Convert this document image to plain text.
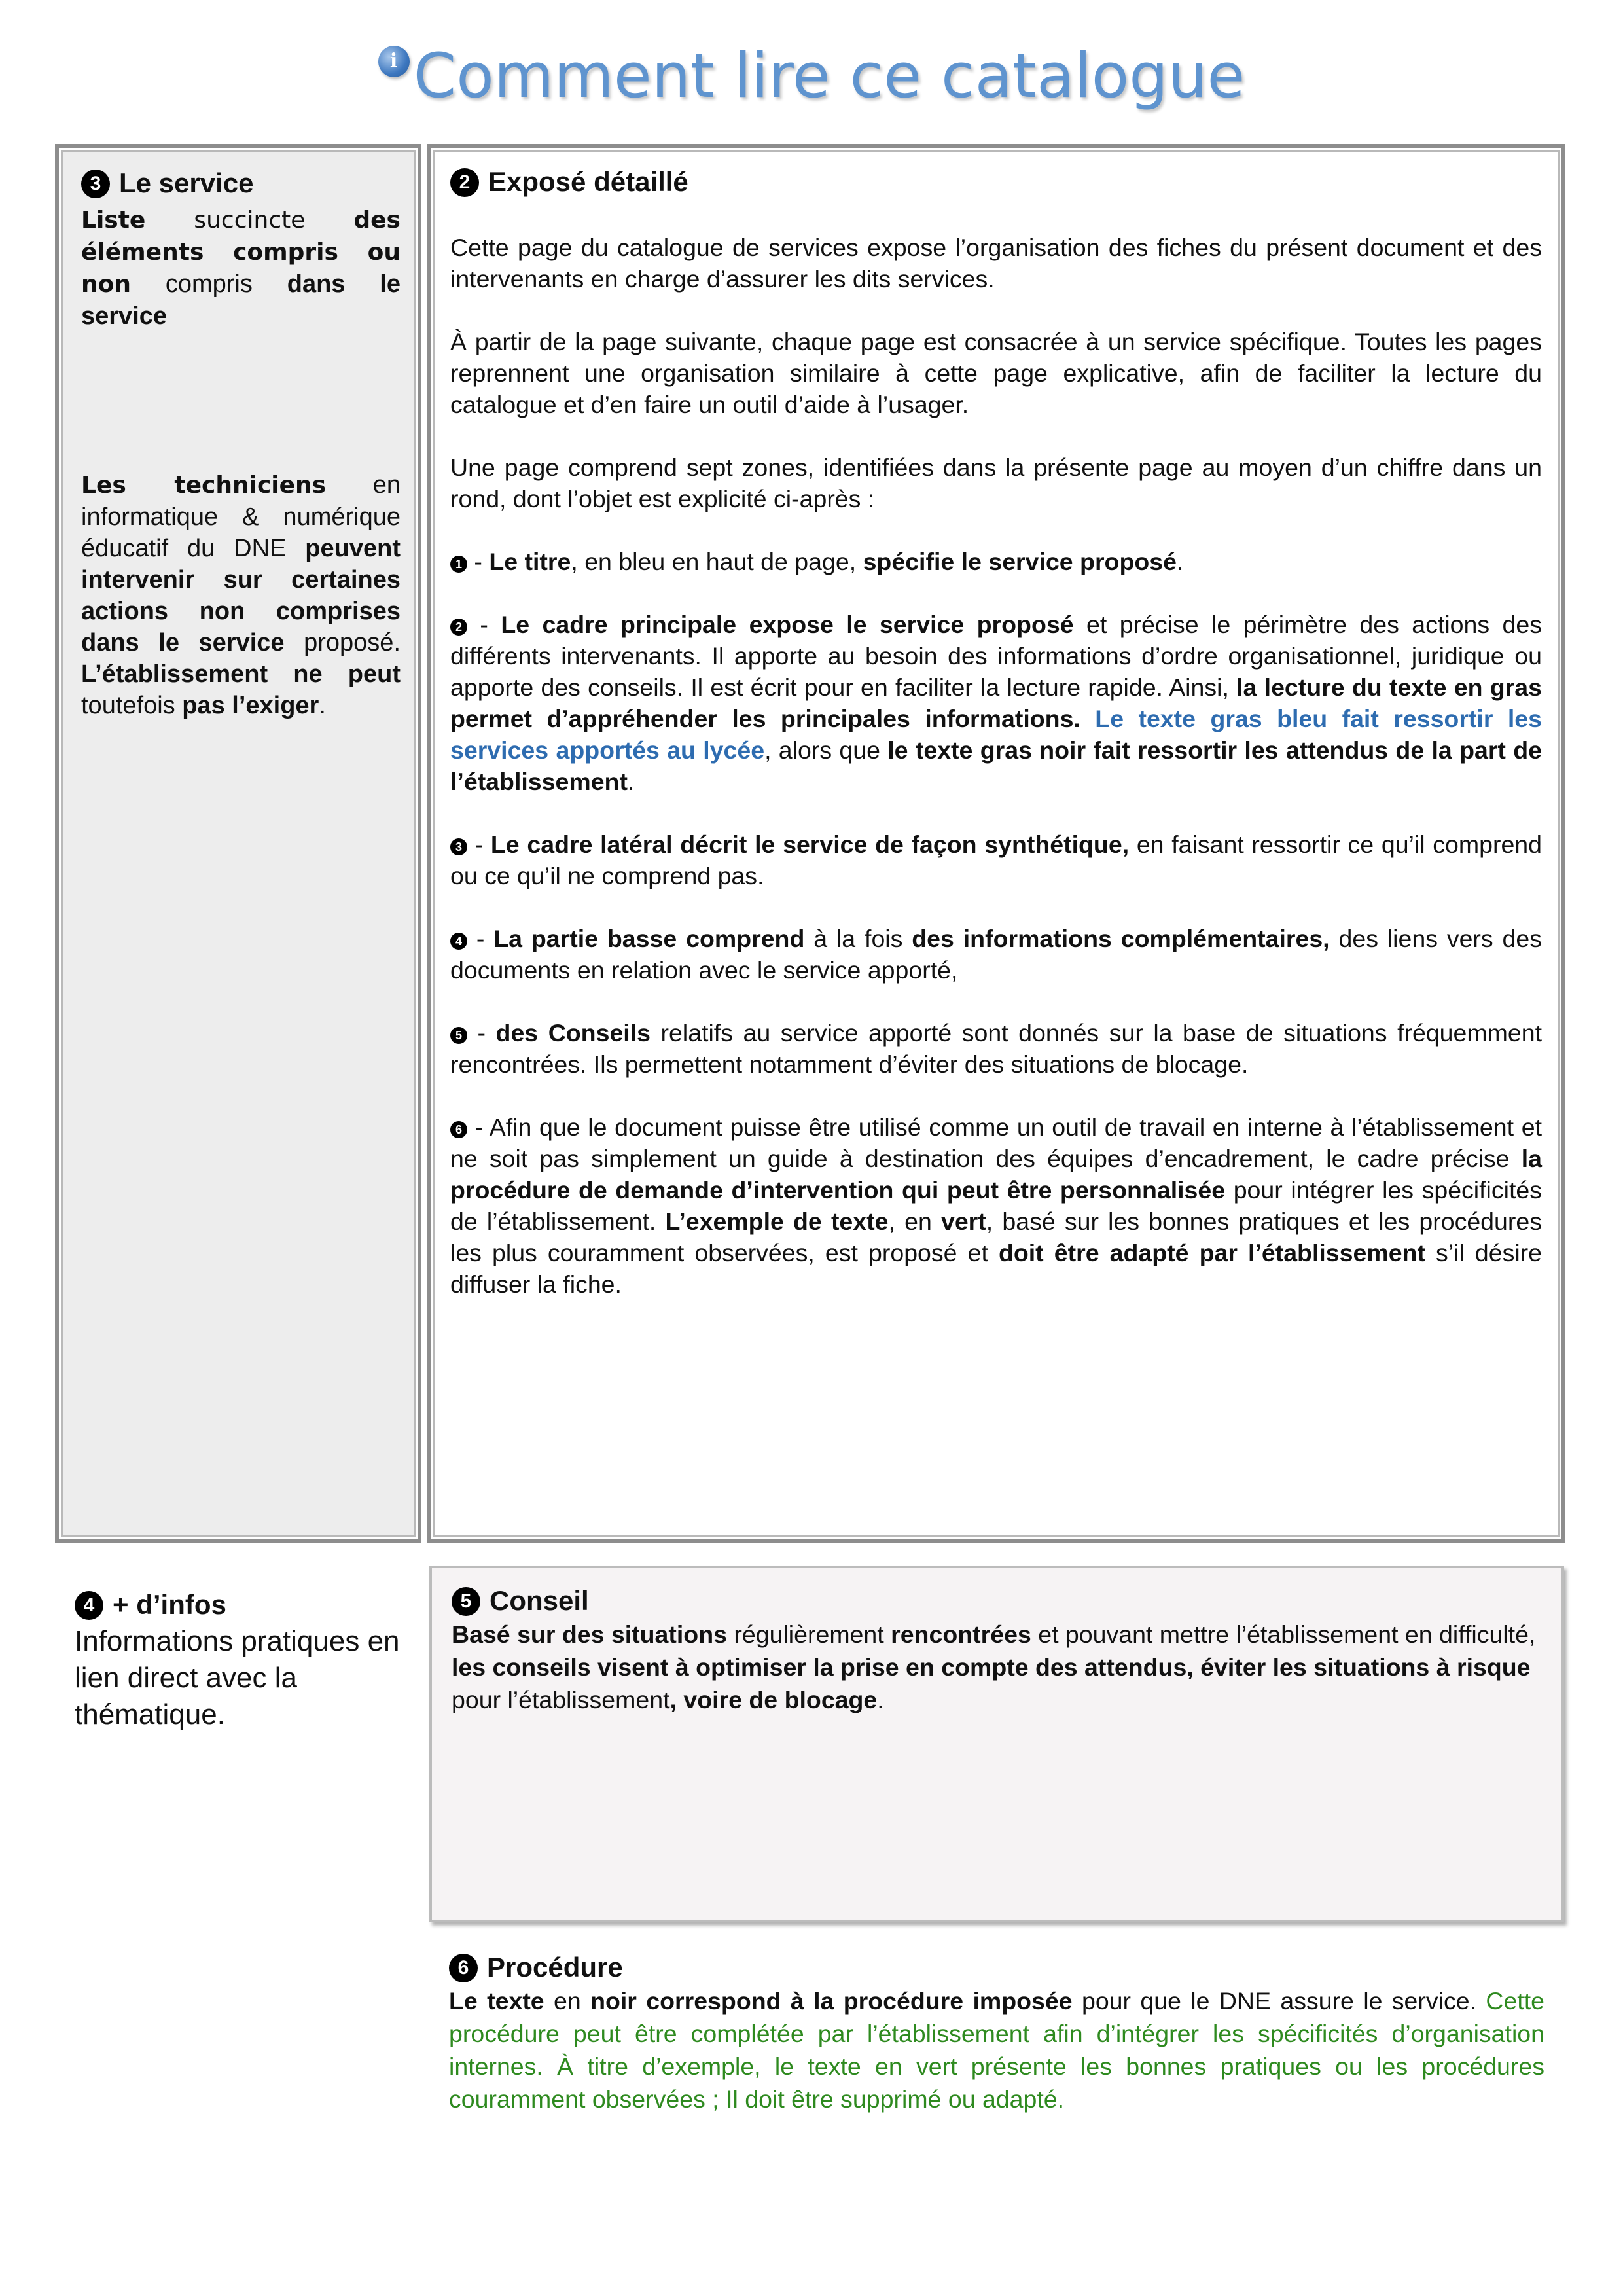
i Comment lire ce catalogue
3 Le service

Liste succincte des éléments compris ou non compris dans le service

Les techniciens en informatique & numérique éducatif du DNE peuvent intervenir sur certaines actions non comprises dans le service proposé. L’établissement ne peut toutefois pas l’exiger.

2 Exposé détaillé

Cette page du catalogue de services expose l’organisation des fiches du présent document et des intervenants en charge d’assurer les dits services.

À partir de la page suivante, chaque page est consacrée à un service spécifique. Toutes les pages reprennent une organisation similaire à cette page explicative, afin de faciliter la lecture du catalogue et d’en faire un outil d’aide à l’usager.

Une page comprend sept zones, identifiées dans la présente page au moyen d’un chiffre dans un rond, dont l’objet est explicité ci-après :

1 - Le titre, en bleu en haut de page, spécifie le service proposé.

2 - Le cadre principale expose le service proposé et précise le périmètre des actions des différents intervenants. Il apporte au besoin des informations d’ordre organisationnel, juridique ou apporte des conseils. Il est écrit pour en faciliter la lecture rapide. Ainsi, la lecture du texte en gras permet d’appréhender les principales informations. Le texte gras bleu fait ressortir les services apportés au lycée, alors que le texte gras noir fait ressortir les attendus de la part de l’établissement.

3 - Le cadre latéral décrit le service de façon synthétique, en faisant ressortir ce qu’il comprend ou ce qu’il ne comprend pas.

4 - La partie basse comprend à la fois des informations complémentaires, des liens vers des documents en relation avec le service apporté,

5 - des Conseils relatifs au service apporté sont donnés sur la base de situations fréquemment rencontrées. Ils permettent notamment d’éviter des situations de blocage.

6 - Afin que le document puisse être utilisé comme un outil de travail en interne à l’établissement et ne soit pas simplement un guide à destination des équipes d’encadrement, le cadre précise la procédure de demande d’intervention qui peut être personnalisée pour intégrer les spécificités de l’établissement. L’exemple de texte, en vert, basé sur les bonnes pratiques et les procédures les plus couramment observées, est proposé et doit être adapté par l’établissement s’il désire diffuser la fiche.

4 + d’infos

Informations pratiques en lien direct avec la thématique.

5 Conseil

Basé sur des situations régulièrement rencontrées et pouvant mettre l’établissement en difficulté, les conseils visent à optimiser la prise en compte des attendus, éviter les situations à risque pour l’établissement, voire de blocage.

6 Procédure

Le texte en noir correspond à la procédure imposée pour que le DNE assure le service. Cette procédure peut être complétée par l’établissement afin d’intégrer les spécificités d’organisation internes. À titre d’exemple, le texte en vert présente les bonnes pratiques ou les procédures couramment observées ; Il doit être supprimé ou adapté.
